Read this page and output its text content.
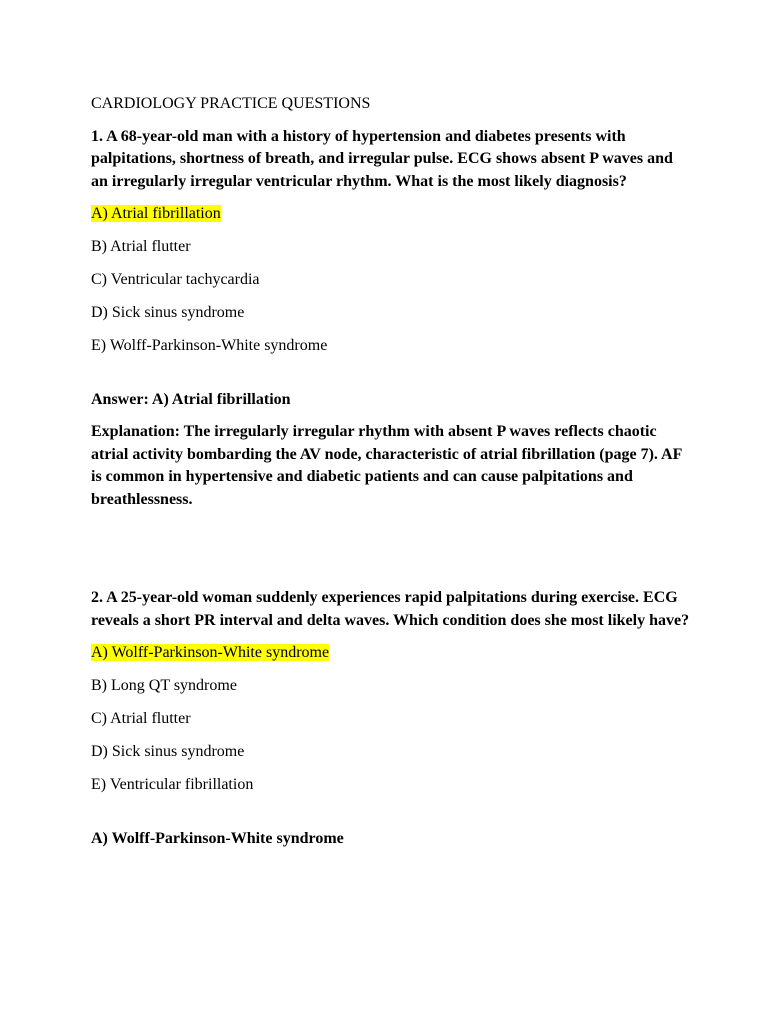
CARDIOLOGY PRACTICE QUESTIONS

1. A 68-year-old man with a history of hypertension and diabetes presents with palpitations, shortness of breath, and irregular pulse. ECG shows absent P waves and an irregularly irregular ventricular rhythm. What is the most likely diagnosis?

A) Atrial fibrillation

B) Atrial flutter

C) Ventricular tachycardia

D) Sick sinus syndrome

E) Wolff-Parkinson-White syndrome

Answer: A) Atrial fibrillation

Explanation: The irregularly irregular rhythm with absent P waves reflects chaotic atrial activity bombarding the AV node, characteristic of atrial fibrillation (page 7). AF is common in hypertensive and diabetic patients and can cause palpitations and breathlessness.

2. A 25-year-old woman suddenly experiences rapid palpitations during exercise. ECG reveals a short PR interval and delta waves. Which condition does she most likely have?

A) Wolff-Parkinson-White syndrome

B) Long QT syndrome

C) Atrial flutter

D) Sick sinus syndrome

E) Ventricular fibrillation

A) Wolff-Parkinson-White syndrome
